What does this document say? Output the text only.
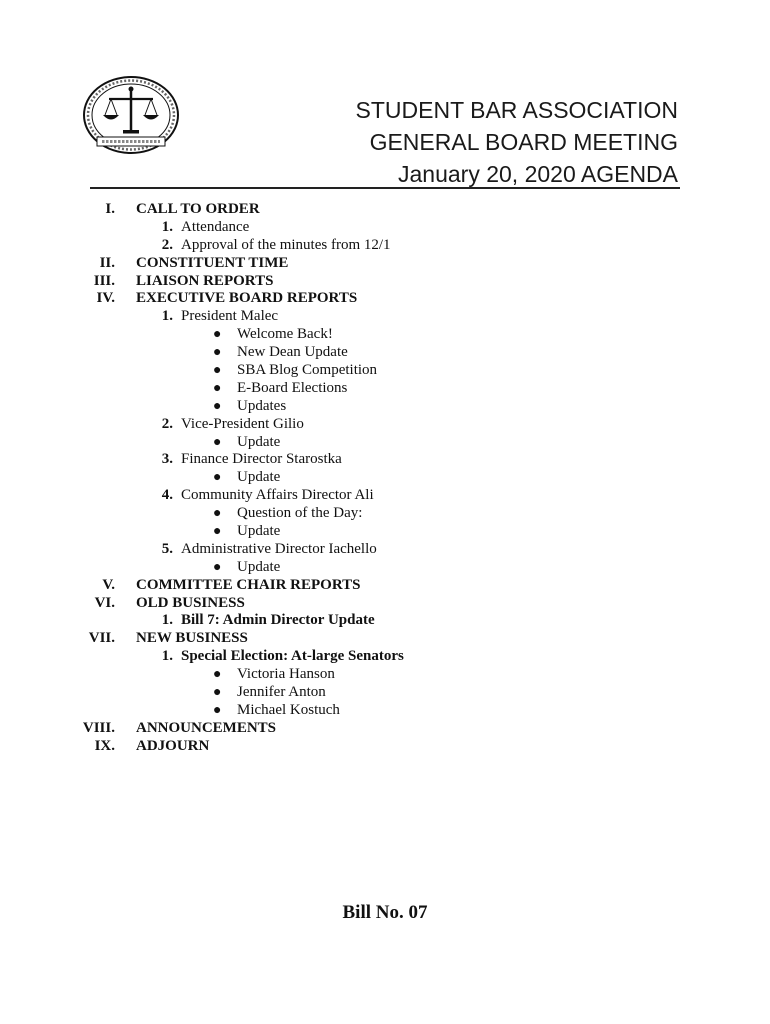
STUDENT BAR ASSOCIATION
GENERAL BOARD MEETING
January 20, 2020 AGENDA
I. CALL TO ORDER
1. Attendance
2. Approval of the minutes from 12/1
II. CONSTITUENT TIME
III. LIAISON REPORTS
IV. EXECUTIVE BOARD REPORTS
1. President Malec
● Welcome Back!
● New Dean Update
● SBA Blog Competition
● E-Board Elections
● Updates
2. Vice-President Gilio
● Update
3. Finance Director Starostka
● Update
4. Community Affairs Director Ali
● Question of the Day:
● Update
5. Administrative Director Iachello
● Update
V. COMMITTEE CHAIR REPORTS
VI. OLD BUSINESS
1. Bill 7: Admin Director Update
VII. NEW BUSINESS
1. Special Election: At-large Senators
● Victoria Hanson
● Jennifer Anton
● Michael Kostuch
VIII. ANNOUNCEMENTS
IX. ADJOURN
Bill No. 07
